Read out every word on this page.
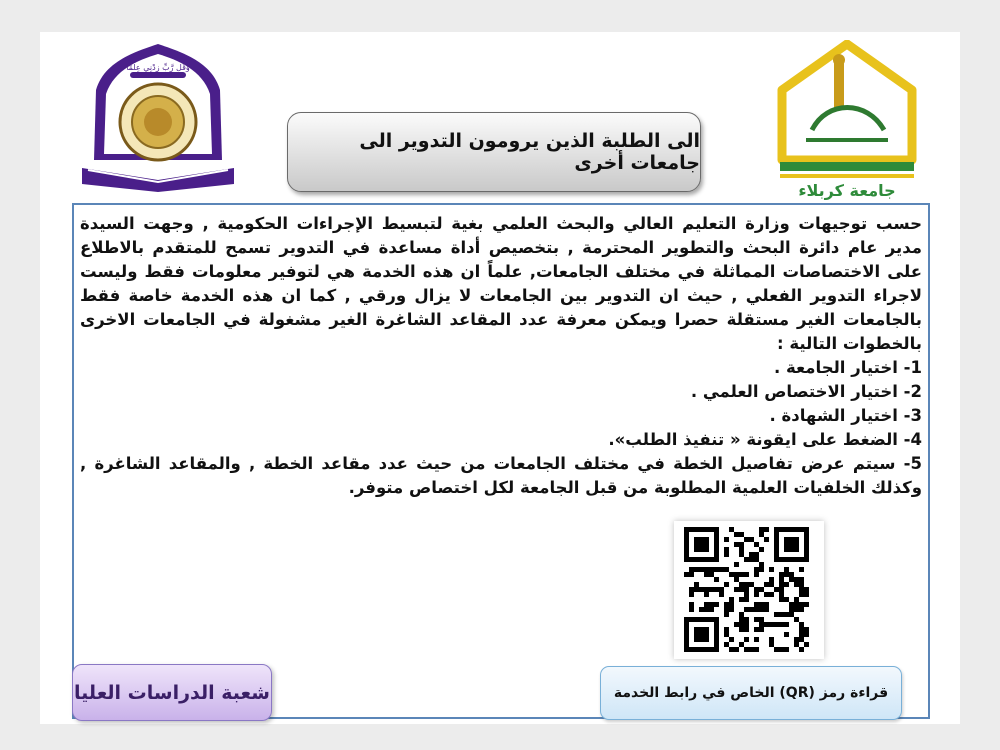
وَقُل رَّبِّ زِدْنِي عِلْمًا
جامعة كربلاء
الى الطلبة الذين يرومون التدوير الى جامعات أخرى

حسب توجيهات وزارة التعليم العالي والبحث العلمي بغية لتبسيط الإجراءات الحكومية , وجهت السيدة مدير عام دائرة البحث والتطوير المحترمة , بتخصيص أداة مساعدة في التدوير تسمح للمتقدم بالاطلاع على الاختصاصات المماثلة في مختلف الجامعات, علماً ان هذه الخدمة هي لتوفير معلومات فقط وليست لاجراء التدوير الفعلي , حيث ان التدوير بين الجامعات لا يزال ورقي , كما ان هذه الخدمة خاصة فقط بالجامعات الغير مستقلة حصرا ويمكن معرفة عدد المقاعد الشاغرة الغير مشغولة في الجامعات الاخرى بالخطوات التالية :

1- اختيار الجامعة .
2- اختيار الاختصاص العلمي .
3- اختيار الشهادة .
4- الضغط على ايقونة « تنفيذ الطلب».
5- سيتم عرض تفاصيل الخطة في مختلف الجامعات من حيث عدد مقاعد الخطة , والمقاعد الشاغرة , وكذلك الخلفيات العلمية المطلوبة من قبل الجامعة لكل اختصاص متوفر.
شعبة الدراسات العليا	قراءة رمز (QR) الخاص في رابط الخدمة
